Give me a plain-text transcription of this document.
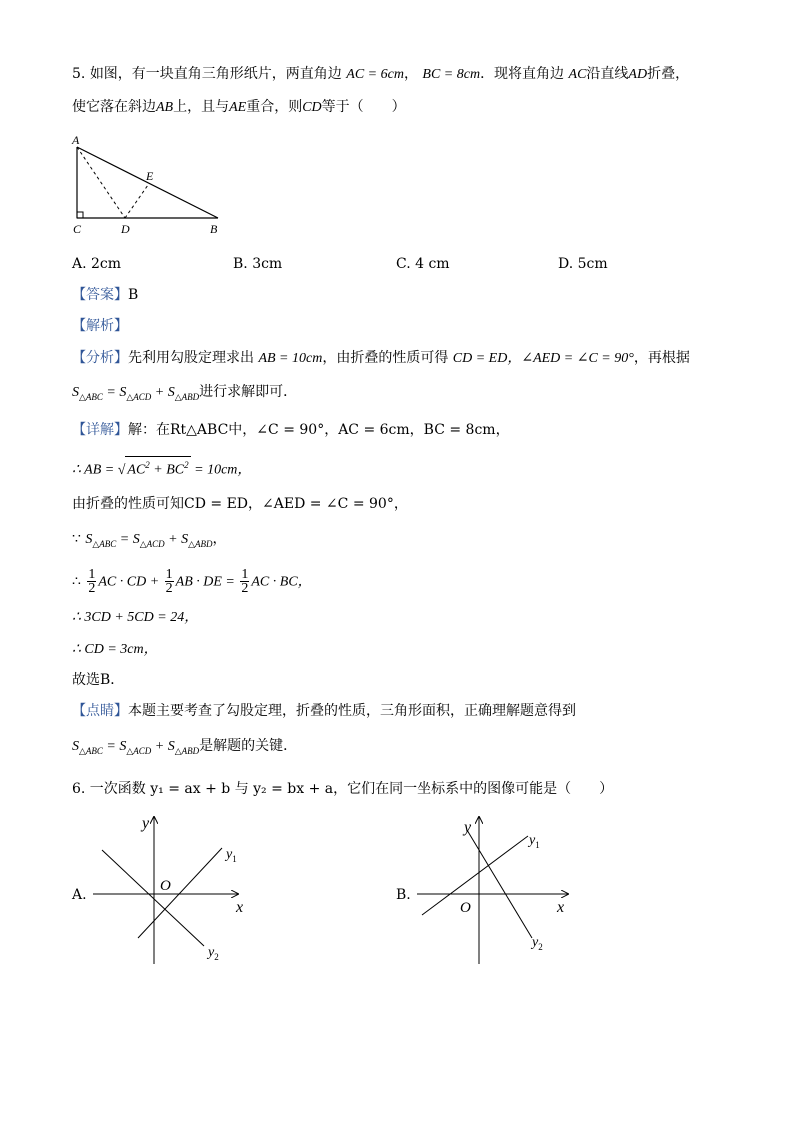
5. 如图，有一块直角三角形纸片，两直角边 AC = 6cm， BC = 8cm．现将直角边 AC沿直线AD折叠，
使它落在斜边AB上，且与AE重合，则CD等于（　　）
A
E
C	D	B
A. 2cm	B. 3cm	C. 4 cm	D. 5cm
【答案】B
【解析】
【分析】先利用勾股定理求出 AB = 10cm，由折叠的性质可得 CD = ED，∠AED = ∠C = 90°，再根据
$S_{\triangle ABC} = S_{\triangle ACD} + S_{\triangle ABD}$进行求解即可．
【详解】解：在Rt△ABC中，∠C = 90°，AC = 6cm，BC = 8cm，
∴ AB = √ $AC^2 + BC^2 = 10cm$，
由折叠的性质可知CD = ED，∠AED = ∠C = 90°，
∵ $S_{\triangle ABC} = S_{\triangle ACD} + S_{\triangle ABD}$，
∴ $\frac{1}{2}$ AC · CD + $\frac{1}{2}$ AB · DE = $\frac{1}{2}$ AC · BC，
∴ 3CD + 5CD = 24，
∴ CD = 3cm，
故选B．
【点睛】本题主要考查了勾股定理，折叠的性质，三角形面积，正确理解题意得到
$S_{\triangle ABC} = S_{\triangle ACD} + S_{\triangle ABD}$是解题的关键．
6. 一次函数 y₁ = ax + b 与 y₂ = bx + a，它们在同一坐标系中的图像可能是（　　）
A.
y
x
O
$y_1$
$y_2$
B.
y
x
O
$y_1$
$y_2$
